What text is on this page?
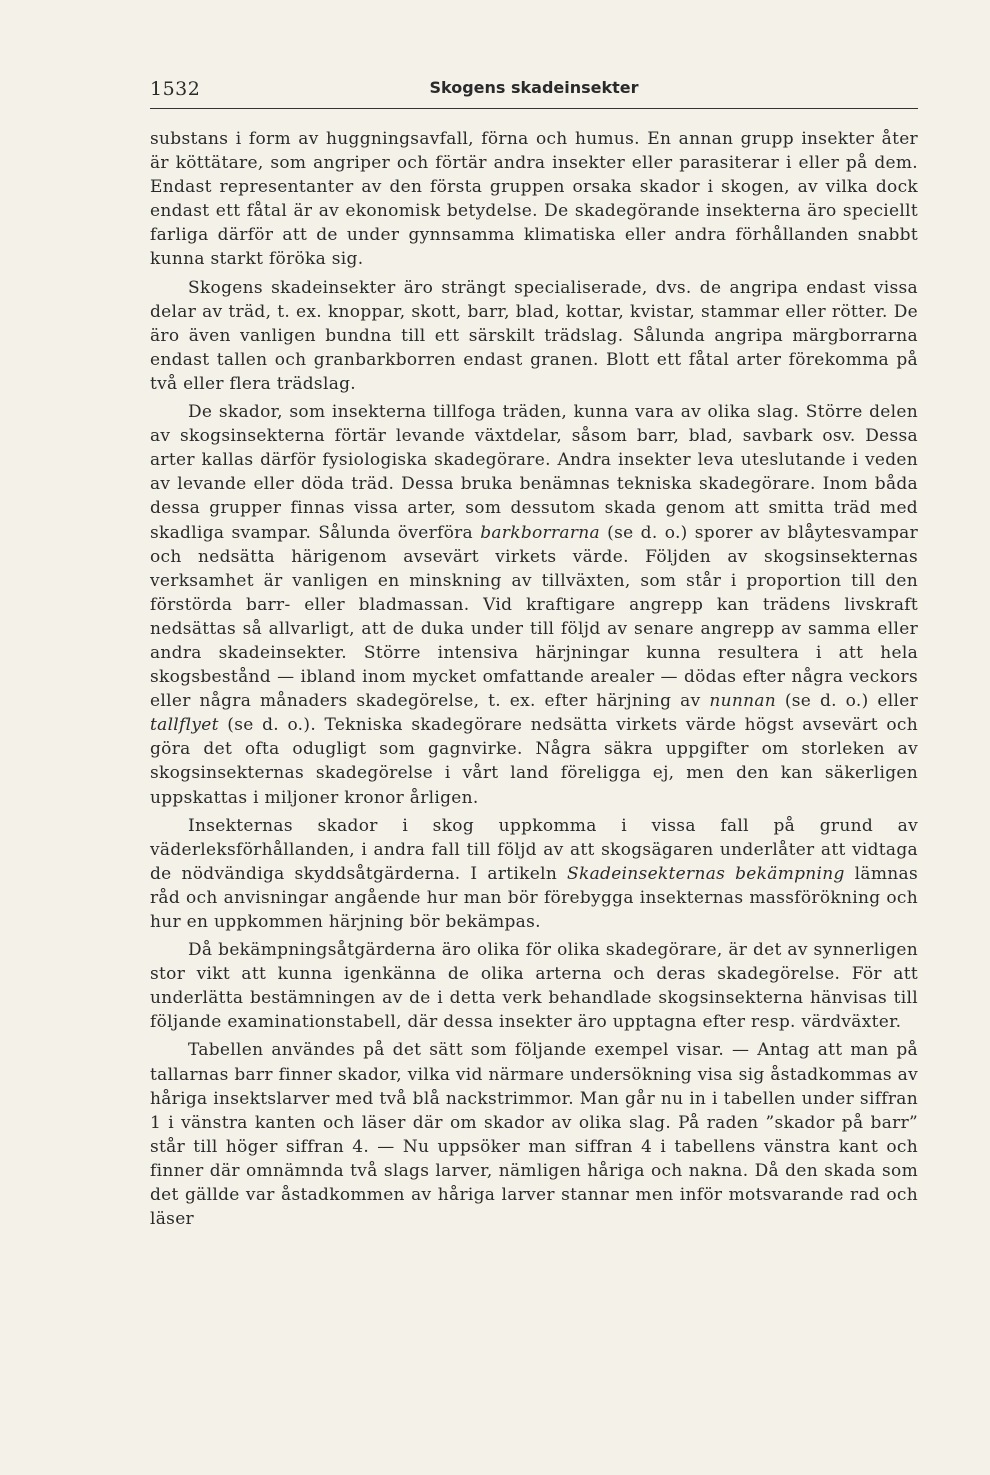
1532	Skogens skadeinsekter

substans i form av huggningsavfall, förna och humus. En annan grupp insekter åter är köttätare, som angriper och förtär andra insekter eller parasiterar i eller på dem. Endast representanter av den första gruppen orsaka skador i skogen, av vilka dock endast ett fåtal är av ekonomisk betydelse. De skadegörande insekterna äro speciellt farliga därför att de under gynnsamma klimatiska eller andra förhållanden snabbt kunna starkt föröka sig.

Skogens skadeinsekter äro strängt specialiserade, dvs. de angripa endast vissa delar av träd, t. ex. knoppar, skott, barr, blad, kottar, kvistar, stammar eller rötter. De äro även vanligen bundna till ett särskilt trädslag. Sålunda angripa märgborrarna endast tallen och granbarkborren endast granen. Blott ett fåtal arter förekomma på två eller flera trädslag.

De skador, som insekterna tillfoga träden, kunna vara av olika slag. Större delen av skogsinsekterna förtär levande växtdelar, såsom barr, blad, savbark osv. Dessa arter kallas därför fysiologiska skadegörare. Andra insekter leva uteslutande i veden av levande eller döda träd. Dessa bruka benämnas tekniska skadegörare. Inom båda dessa grupper finnas vissa arter, som dessutom skada genom att smitta träd med skadliga svampar. Sålunda överföra barkborrarna (se d. o.) sporer av blåytesvampar och nedsätta härigenom avsevärt virkets värde. Följden av skogsinsekternas verksamhet är vanligen en minskning av tillväxten, som står i proportion till den förstörda barr- eller bladmassan. Vid kraftigare angrepp kan trädens livskraft nedsättas så allvarligt, att de duka under till följd av senare angrepp av samma eller andra skadeinsekter. Större intensiva härjningar kunna resultera i att hela skogsbestånd — ibland inom mycket omfattande arealer — dödas efter några veckors eller några månaders skadegörelse, t. ex. efter härjning av nunnan (se d. o.) eller tallflyet (se d. o.). Tekniska skadegörare nedsätta virkets värde högst avsevärt och göra det ofta odugligt som gagnvirke. Några säkra uppgifter om storleken av skogsinsekternas skadegörelse i vårt land föreligga ej, men den kan säkerligen uppskattas i miljoner kronor årligen.

Insekternas skador i skog uppkomma i vissa fall på grund av väderleksförhållanden, i andra fall till följd av att skogsägaren underlåter att vidtaga de nödvändiga skyddsåtgärderna. I artikeln Skadeinsekternas bekämpning lämnas råd och anvisningar angående hur man bör förebygga insekternas massförökning och hur en uppkommen härjning bör bekämpas.

Då bekämpningsåtgärderna äro olika för olika skadegörare, är det av synnerligen stor vikt att kunna igenkänna de olika arterna och deras skadegörelse. För att underlätta bestämningen av de i detta verk behandlade skogsinsekterna hänvisas till följande examinationstabell, där dessa insekter äro upptagna efter resp. värdväxter.

Tabellen användes på det sätt som följande exempel visar. — Antag att man på tallarnas barr finner skador, vilka vid närmare undersökning visa sig åstadkommas av håriga insektslarver med två blå nackstrimmor. Man går nu in i tabellen under siffran 1 i vänstra kanten och läser där om skador av olika slag. På raden ”skador på barr” står till höger siffran 4. — Nu uppsöker man siffran 4 i tabellens vänstra kant och finner där omnämnda två slags larver, nämligen håriga och nakna. Då den skada som det gällde var åstadkommen av håriga larver stannar men inför motsvarande rad och läser
